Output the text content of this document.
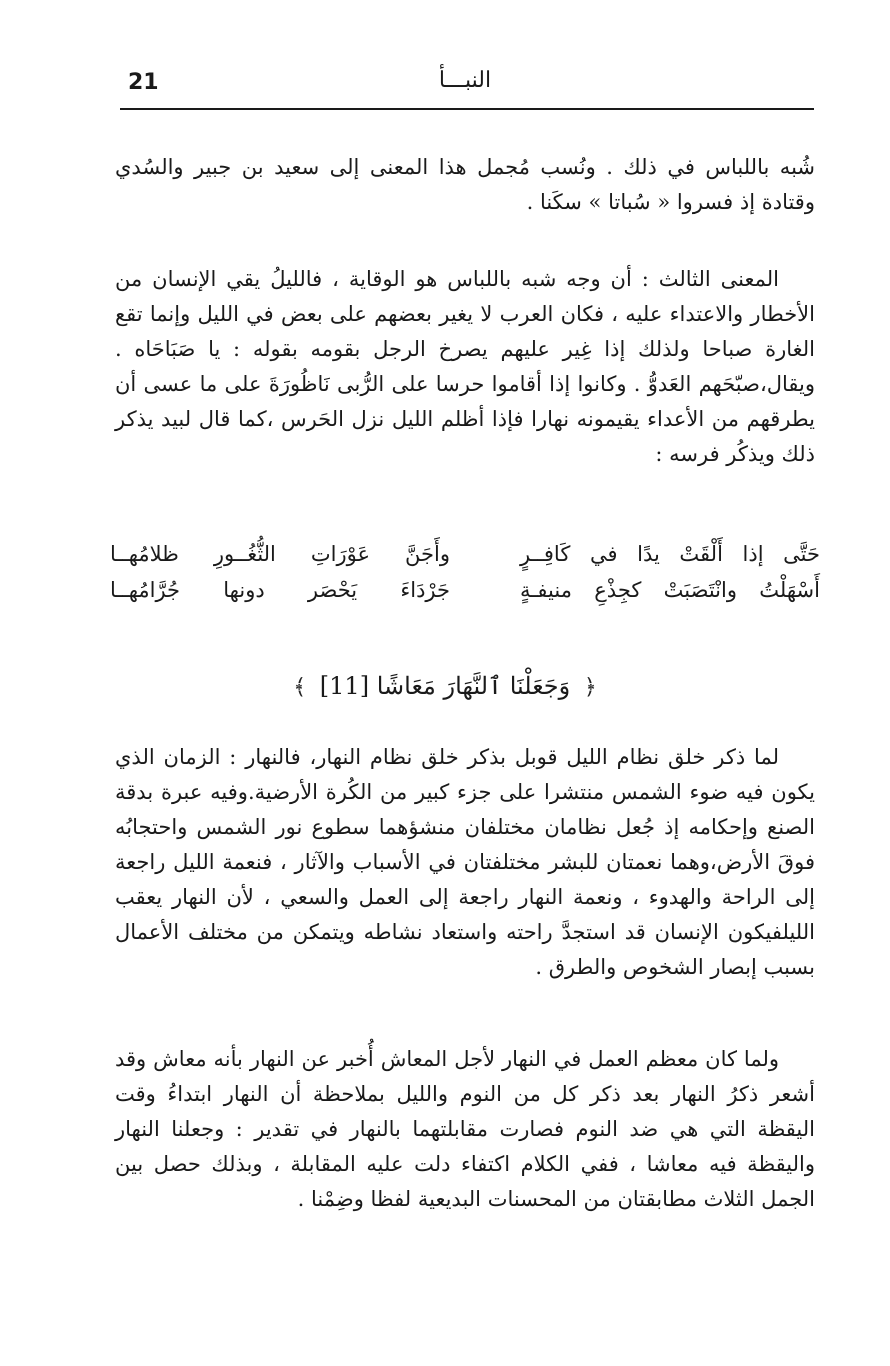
21	النبـــأ

شُبه باللباس في ذلك . ونُسب مُجمل هذا المعنى إلى سعيد بن جبير والسُدي وقتادة إذ فسروا « سُباتا » سكَنا .

المعنى الثالث : أن وجه شبه باللباس هو الوقاية ، فالليلُ يقي الإنسان من الأخطار والاعتداء عليه ، فكان العرب لا يغير بعضهم على بعض في الليل وإنما تقع الغارة صباحا ولذلك إذا غِير عليهم يصرخ الرجل بقومه بقوله : يا صَبَاحَاه . ويقال،صبّحَهم العَدوُّ . وكانوا إذا أقاموا حرسا على الرُّبى نَاظُورَةَ على ما عسى أن يطرقهم من الأعداء يقيمونه نهارا فإذا أظلم الليل نزل الحَرس ،كما قال لبيد يذكر ذلك ويذكُر فرسه :

حَتَّى إذا أَلْقَتْ يدًا في كَافِــرٍ
وأَجَنَّ عَوْرَاتِ الثُّغُــورِ ظلامُهــا
أَسْهَلْتُ وانْتَصَبَتْ كجِذْعِ منيفـةٍ
جَرْدَاءَ يَحْصَر دونها جُرَّامُهــا
﴿ وَجَعَلْنَا ٱلنَّهَارَ مَعَاشًا [11] ﴾

لما ذكر خلق نظام الليل قوبل بذكر خلق نظام النهار، فالنهار : الزمان الذي يكون فيه ضوء الشمس منتشرا على جزء كبير من الكُرة الأرضية.وفيه عبرة بدقة الصنع وإحكامه إذ جُعل نظامان مختلفان منشؤهما سطوع نور الشمس واحتجابُه فوقَ الأرض،وهما نعمتان للبشر مختلفتان في الأسباب والآثار ، فنعمة الليل راجعة إلى الراحة والهدوء ، ونعمة النهار راجعة إلى العمل والسعي ، لأن النهار يعقب الليلفيكون الإنسان قد استجدَّ راحته واستعاد نشاطه ويتمكن من مختلف الأعمال بسبب إبصار الشخوص والطرق .

ولما كان معظم العمل في النهار لأجل المعاش أُخبر عن النهار بأنه معاش وقد أشعر ذكرُ النهار بعد ذكر كل من النوم والليل بملاحظة أن النهار ابتداءُ وقت اليقظة التي هي ضد النوم فصارت مقابلتهما بالنهار في تقدير : وجعلنا النهار واليقظة فيه معاشا ، ففي الكلام اكتفاء دلت عليه المقابلة ، وبذلك حصل بين الجمل الثلاث مطابقتان من المحسنات البديعية لفظا وضِمْنا .
